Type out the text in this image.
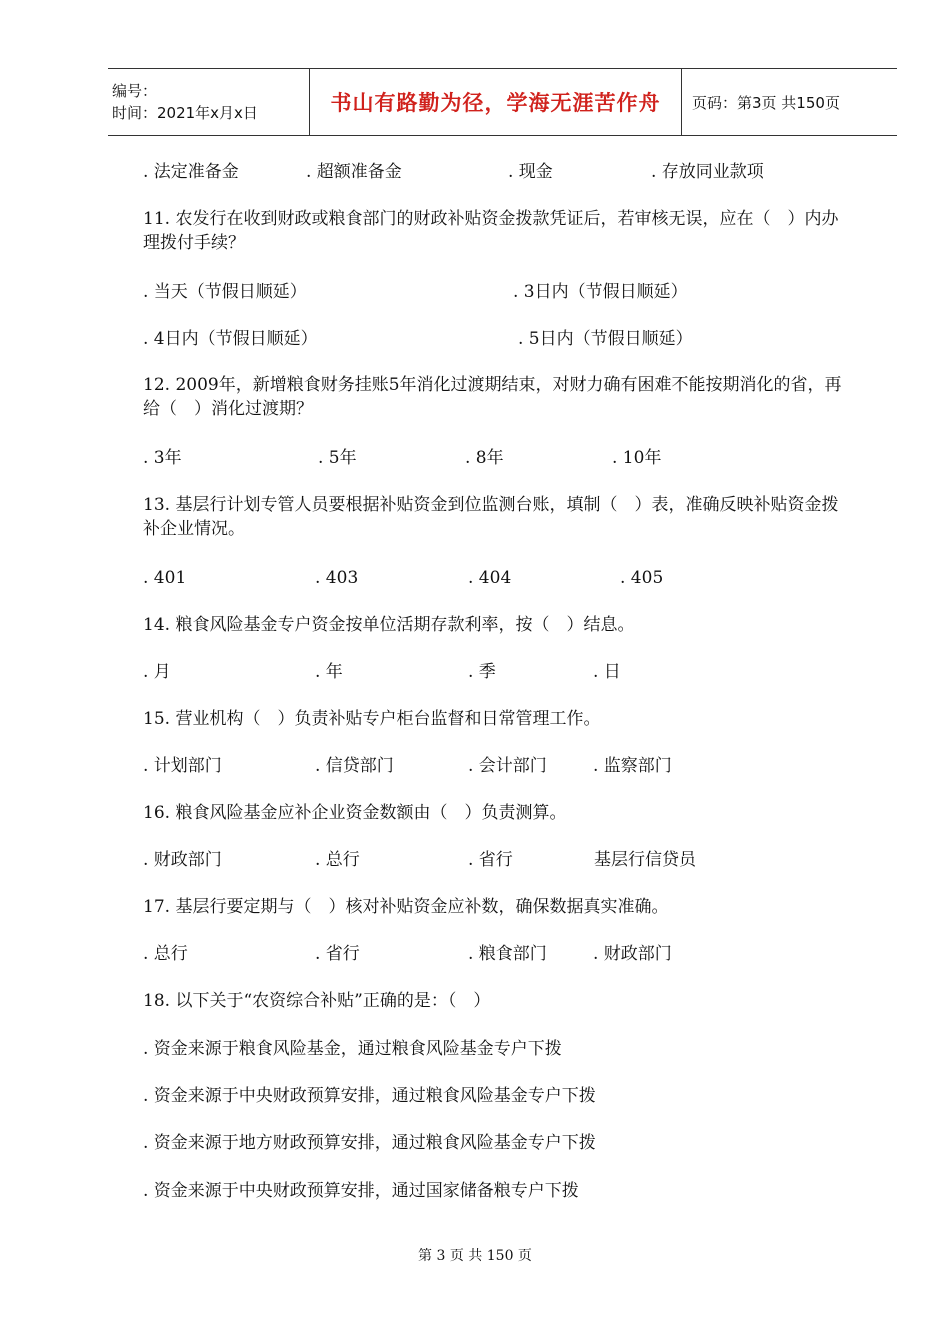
编号：
时间：2021年x月x日	书山有路勤为径，学海无涯苦作舟	页码：第3页 共150页
. 法定准备金	. 超额准备金	. 现金	. 存放同业款项
11. 农发行在收到财政或粮食部门的财政补贴资金拨款凭证后，若审核无误，应在（　）内办理拨付手续？
. 当天（节假日顺延）	. 3日内（节假日顺延）
. 4日内（节假日顺延）	. 5日内（节假日顺延）
12. 2009年，新增粮食财务挂账5年消化过渡期结束，对财力确有困难不能按期消化的省，再给（　）消化过渡期？
. 3年	. 5年	. 8年	. 10年
13. 基层行计划专管人员要根据补贴资金到位监测台账，填制（　）表，准确反映补贴资金拨补企业情况。
. 401	. 403	. 404	. 405
14. 粮食风险基金专户资金按单位活期存款利率，按（　）结息。
. 月	. 年	. 季	. 日
15. 营业机构（　）负责补贴专户柜台监督和日常管理工作。
. 计划部门	. 信贷部门	. 会计部门	. 监察部门
16. 粮食风险基金应补企业资金数额由（　）负责测算。
. 财政部门	. 总行	. 省行	基层行信贷员
17. 基层行要定期与（　）核对补贴资金应补数，确保数据真实准确。
. 总行	. 省行	. 粮食部门	. 财政部门
18. 以下关于“农资综合补贴”正确的是：（　）
. 资金来源于粮食风险基金，通过粮食风险基金专户下拨
. 资金来源于中央财政预算安排，通过粮食风险基金专户下拨
. 资金来源于地方财政预算安排，通过粮食风险基金专户下拨
. 资金来源于中央财政预算安排，通过国家储备粮专户下拨
第 3 页 共 150 页
